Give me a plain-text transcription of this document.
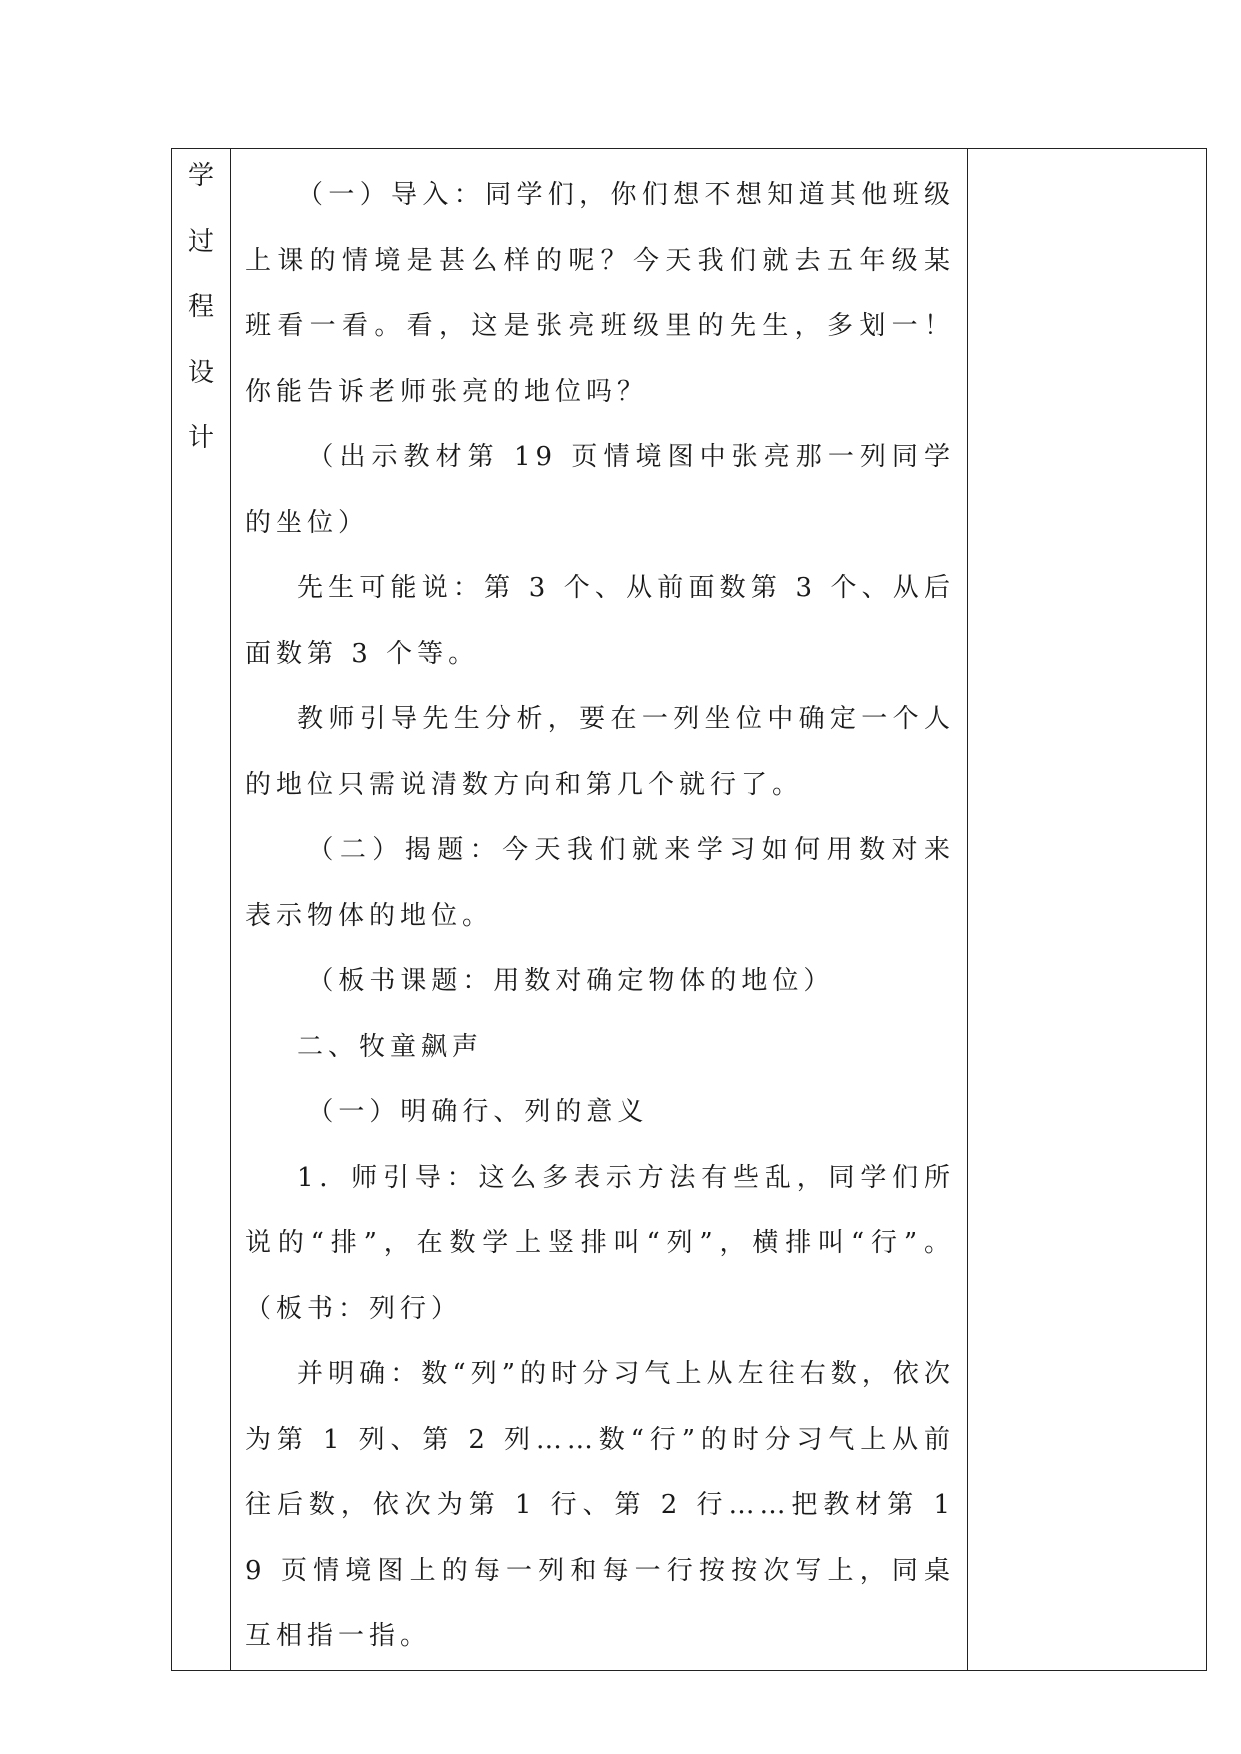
学
过
程
设
计

（一）导入：同学们，你们想不想知道其他班级上课的情境是甚么样的呢？今天我们就去五年级某班看一看。看，这是张亮班级里的先生，多划一！你能告诉老师张亮的地位吗？

（出示教材第 19 页情境图中张亮那一列同学的坐位）

先生可能说：第 3 个、从前面数第 3 个、从后面数第 3 个等。

教师引导先生分析，要在一列坐位中确定一个人的地位只需说清数方向和第几个就行了。

（二）揭题：今天我们就来学习如何用数对来表示物体的地位。

（板书课题：用数对确定物体的地位）

二、牧童飙声

（一）明确行、列的意义

1．师引导：这么多表示方法有些乱，同学们所说的“排”，在数学上竖排叫“列”，横排叫“行”。 （板书：列行）

并明确：数“列”的时分习气上从左往右数，依次为第 1 列、第 2 列……数“行”的时分习气上从前往后数，依次为第 1 行、第 2 行……把教材第 19 页情境图上的每一列和每一行按按次写上，同桌互相指一指。
